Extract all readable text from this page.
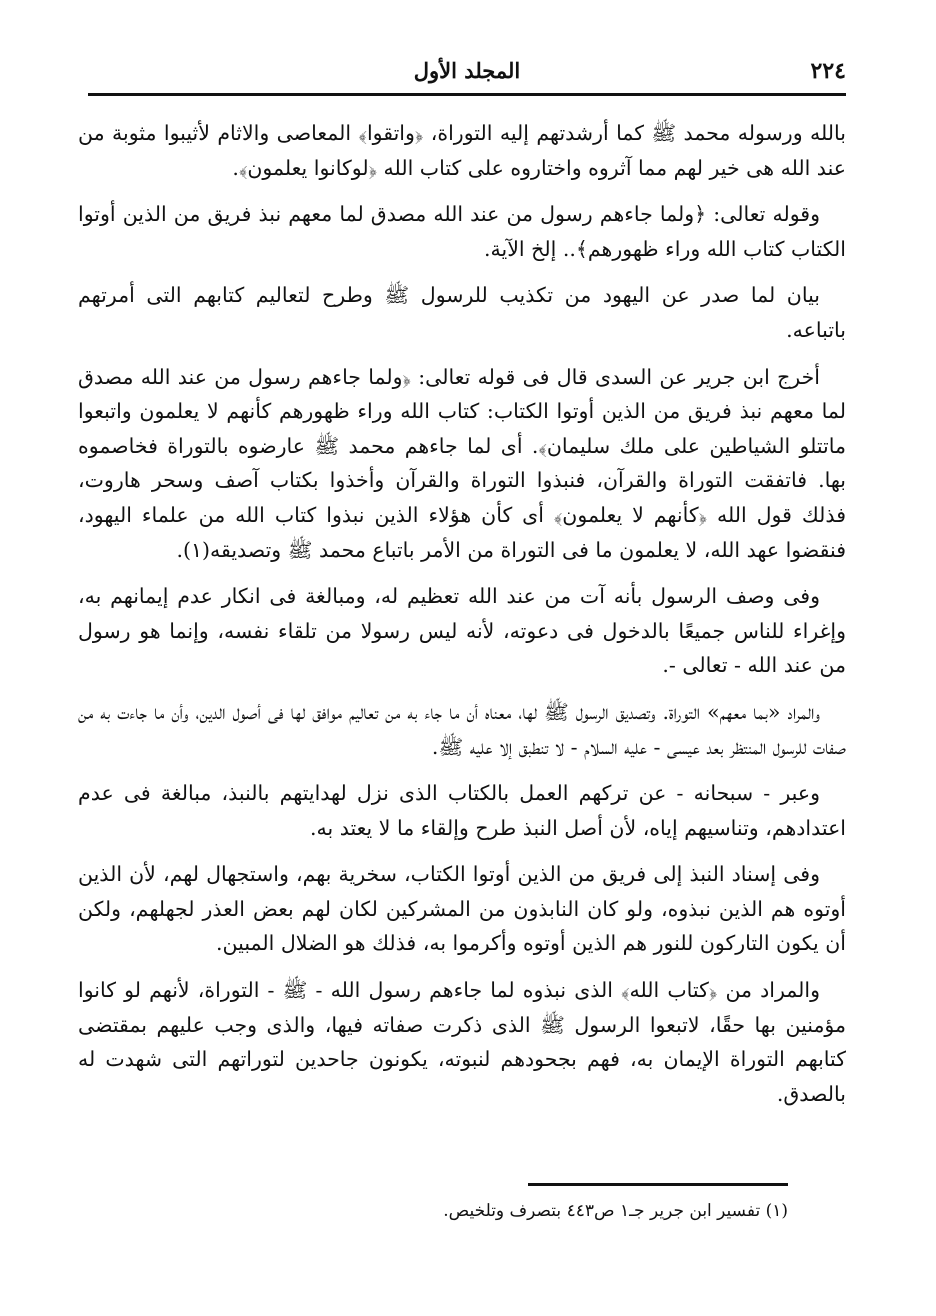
٢٢٤
المجلد الأول

بالله ورسوله محمد ﷺ كما أرشدتهم إليه التوراة، ﴿واتقوا﴾ المعاصى والاثام لأثيبوا مثوبة من عند الله هى خير لهم مما آثروه واختاروه على كتاب الله ﴿لوكانوا يعلمون﴾.

وقوله تعالى: ﴿ولما جاءهم رسول من عند الله مصدق لما معهم نبذ فريق من الذين أوتوا الكتاب كتاب الله وراء ظهورهم﴾.. إلخ الآية.

بيان لما صدر عن اليهود من تكذيب للرسول ﷺ وطرح لتعاليم كتابهم التى أمرتهم باتباعه.

أخرج ابن جرير عن السدى قال فى قوله تعالى: ﴿ولما جاءهم رسول من عند الله مصدق لما معهم نبذ فريق من الذين أوتوا الكتاب: كتاب الله وراء ظهورهم كأنهم لا يعلمون واتبعوا ماتتلو الشياطين على ملك سليمان﴾. أى لما جاءهم محمد ﷺ عارضوه بالتوراة فخاصموه بها. فاتفقت التوراة والقرآن، فنبذوا التوراة والقرآن وأخذوا بكتاب آصف وسحر هاروت، فذلك قول الله ﴿كأنهم لا يعلمون﴾ أى كأن هؤلاء الذين نبذوا كتاب الله من علماء اليهود، فنقضوا عهد الله، لا يعلمون ما فى التوراة من الأمر باتباع محمد ﷺ وتصديقه(١).

وفى وصف الرسول بأنه آت من عند الله تعظيم له، ومبالغة فى انكار عدم إيمانهم به، وإغراء للناس جميعًا بالدخول فى دعوته، لأنه ليس رسولا من تلقاء نفسه، وإنما هو رسول من عند الله - تعالى -.

والمراد «بما معهم» التوراة. وتصديق الرسول ﷺ لها، معناه أن ما جاء به من تعاليم موافق لها فى أصول الدين، وأن ما جاءت به من صفات للرسول المنتظر بعد عيسى - عليه السلام - لا تنطبق إلا عليه ﷺ.

وعبر - سبحانه - عن تركهم العمل بالكتاب الذى نزل لهدايتهم بالنبذ، مبالغة فى عدم اعتدادهم، وتناسيهم إياه، لأن أصل النبذ طرح وإلقاء ما لا يعتد به.

وفى إسناد النبذ إلى فريق من الذين أوتوا الكتاب، سخرية بهم، واستجهال لهم، لأن الذين أوتوه هم الذين نبذوه، ولو كان النابذون من المشركين لكان لهم بعض العذر لجهلهم، ولكن أن يكون التاركون للنور هم الذين أوتوه وأكرموا به، فذلك هو الضلال المبين.

والمراد من ﴿كتاب الله﴾ الذى نبذوه لما جاءهم رسول الله - ﷺ - التوراة، لأنهم لو كانوا مؤمنين بها حقًا، لاتبعوا الرسول ﷺ الذى ذكرت صفاته فيها، والذى وجب عليهم بمقتضى كتابهم التوراة الإيمان به، فهم بجحودهم لنبوته، يكونون جاحدين لتوراتهم التى شهدت له بالصدق.

(١) تفسير ابن جرير جـ١ ص٤٤٣ بتصرف وتلخيص.
